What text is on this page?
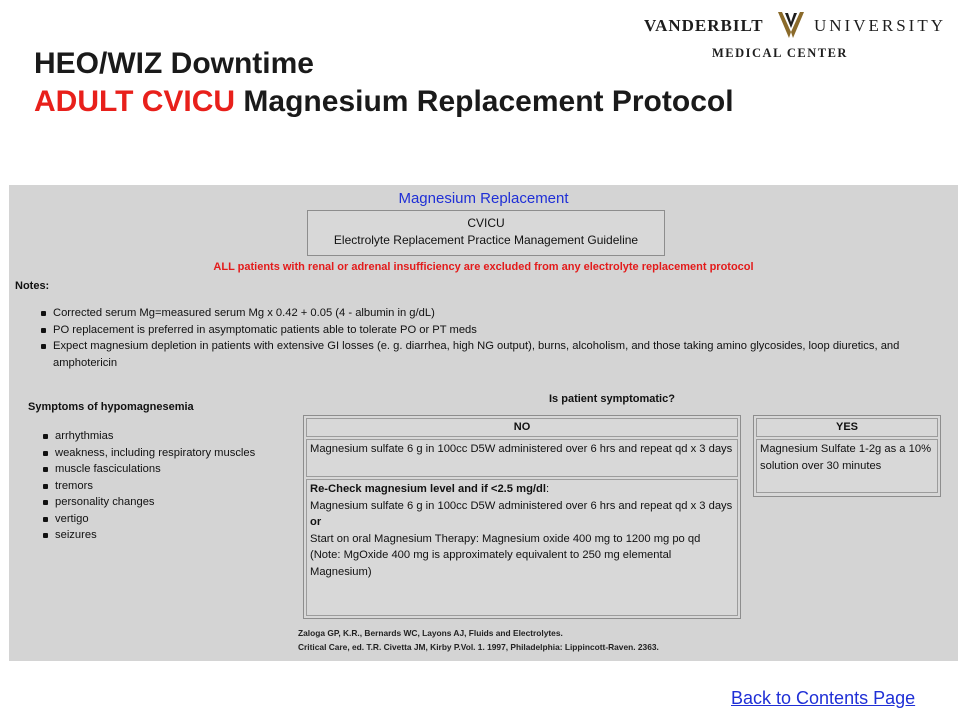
HEO/WIZ Downtime
ADULT CVICU Magnesium Replacement Protocol
VANDERBILT	UNIVERSITY
MEDICAL CENTER
Magnesium Replacement
CVICU
Electrolyte Replacement Practice Management Guideline
ALL patients with renal or adrenal insufficiency are excluded from any electrolyte replacement protocol
Notes:
Corrected serum Mg=measured serum Mg x 0.42 + 0.05 (4 - albumin in g/dL)
PO replacement is preferred in asymptomatic patients able to tolerate PO or PT meds
Expect magnesium depletion in patients with extensive GI losses (e. g. diarrhea, high NG output), burns, alcoholism, and those taking amino glycosides, loop diuretics, and amphotericin
Symptoms of hypomagnesemia
arrhythmias
weakness, including respiratory muscles
muscle fasciculations
tremors
personality changes
vertigo
seizures
Is patient symptomatic?
NO
Magnesium sulfate 6 g in 100cc D5W administered over 6 hrs and repeat qd x 3 days
Re-Check magnesium level and if <2.5 mg/dl:
Magnesium sulfate 6 g in 100cc D5W administered over 6 hrs and repeat qd x 3 days
or
Start on oral Magnesium Therapy: Magnesium oxide 400 mg to 1200 mg po qd
(Note: MgOxide 400 mg is approximately equivalent to 250 mg elemental Magnesium)
YES
Magnesium Sulfate 1-2g as a 10% solution over 30 minutes
Zaloga GP, K.R., Bernards WC, Layons AJ, Fluids and Electrolytes.
Critical Care, ed. T.R. Civetta JM, Kirby P.Vol. 1. 1997, Philadelphia: Lippincott-Raven. 2363.
Back to Contents Page
